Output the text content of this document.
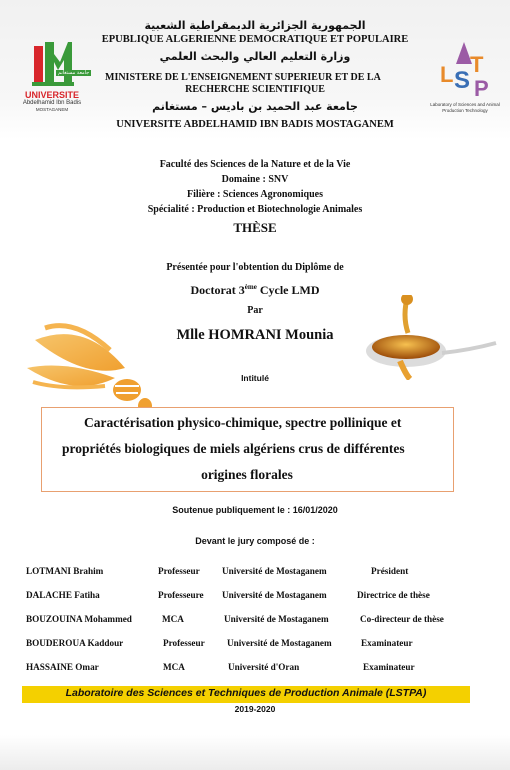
جامعة مستغانم
UNIVERSITE
Abdelhamid Ibn Badis
MOSTAGANEM
L S
T
P
Laboratory of Sciences and Animal
Production Technology
الجمهورية الجزائرية الديمقراطية الشعبية
EPUBLIQUE ALGERIENNE DEMOCRATIQUE ET POPULAIRE
وزارة التعليم العالي والبحث العلمي
MINISTERE DE L'ENSEIGNEMENT SUPERIEUR ET DE LA
RECHERCHE SCIENTIFIQUE
جامعة عبد الحميد بن باديس – مستغانم
UNIVERSITE ABDELHAMID IBN BADIS MOSTAGANEM
Faculté des Sciences de la Nature et de la Vie
Domaine : SNV
Filière : Sciences Agronomiques
Spécialité : Production et Biotechnologie Animales
THÈSE
Présentée pour l'obtention du Diplôme de
Doctorat 3ème Cycle LMD
Par
Mlle HOMRANI Mounia
Intitulé
Caractérisation physico-chimique, spectre pollinique et
propriétés biologiques de miels algériens crus de différentes
origines florales
Soutenue publiquement le : 16/01/2020
Devant le jury composé de :
LOTMANI Brahim	Professeur Université de Mostaganem	Président
DALACHE Fatiha	Professeure Université de Mostaganem	Directrice de thèse
BOUZOUINA Mohammed	MCA	Université de Mostaganem	Co-directeur de thèse
BOUDEROUA Kaddour	Professeur Université de Mostaganem	Examinateur
HASSAINE Omar	MCA	Université d'Oran	Examinateur
Laboratoire des Sciences et Techniques de Production Animale (LSTPA)
2019-2020
